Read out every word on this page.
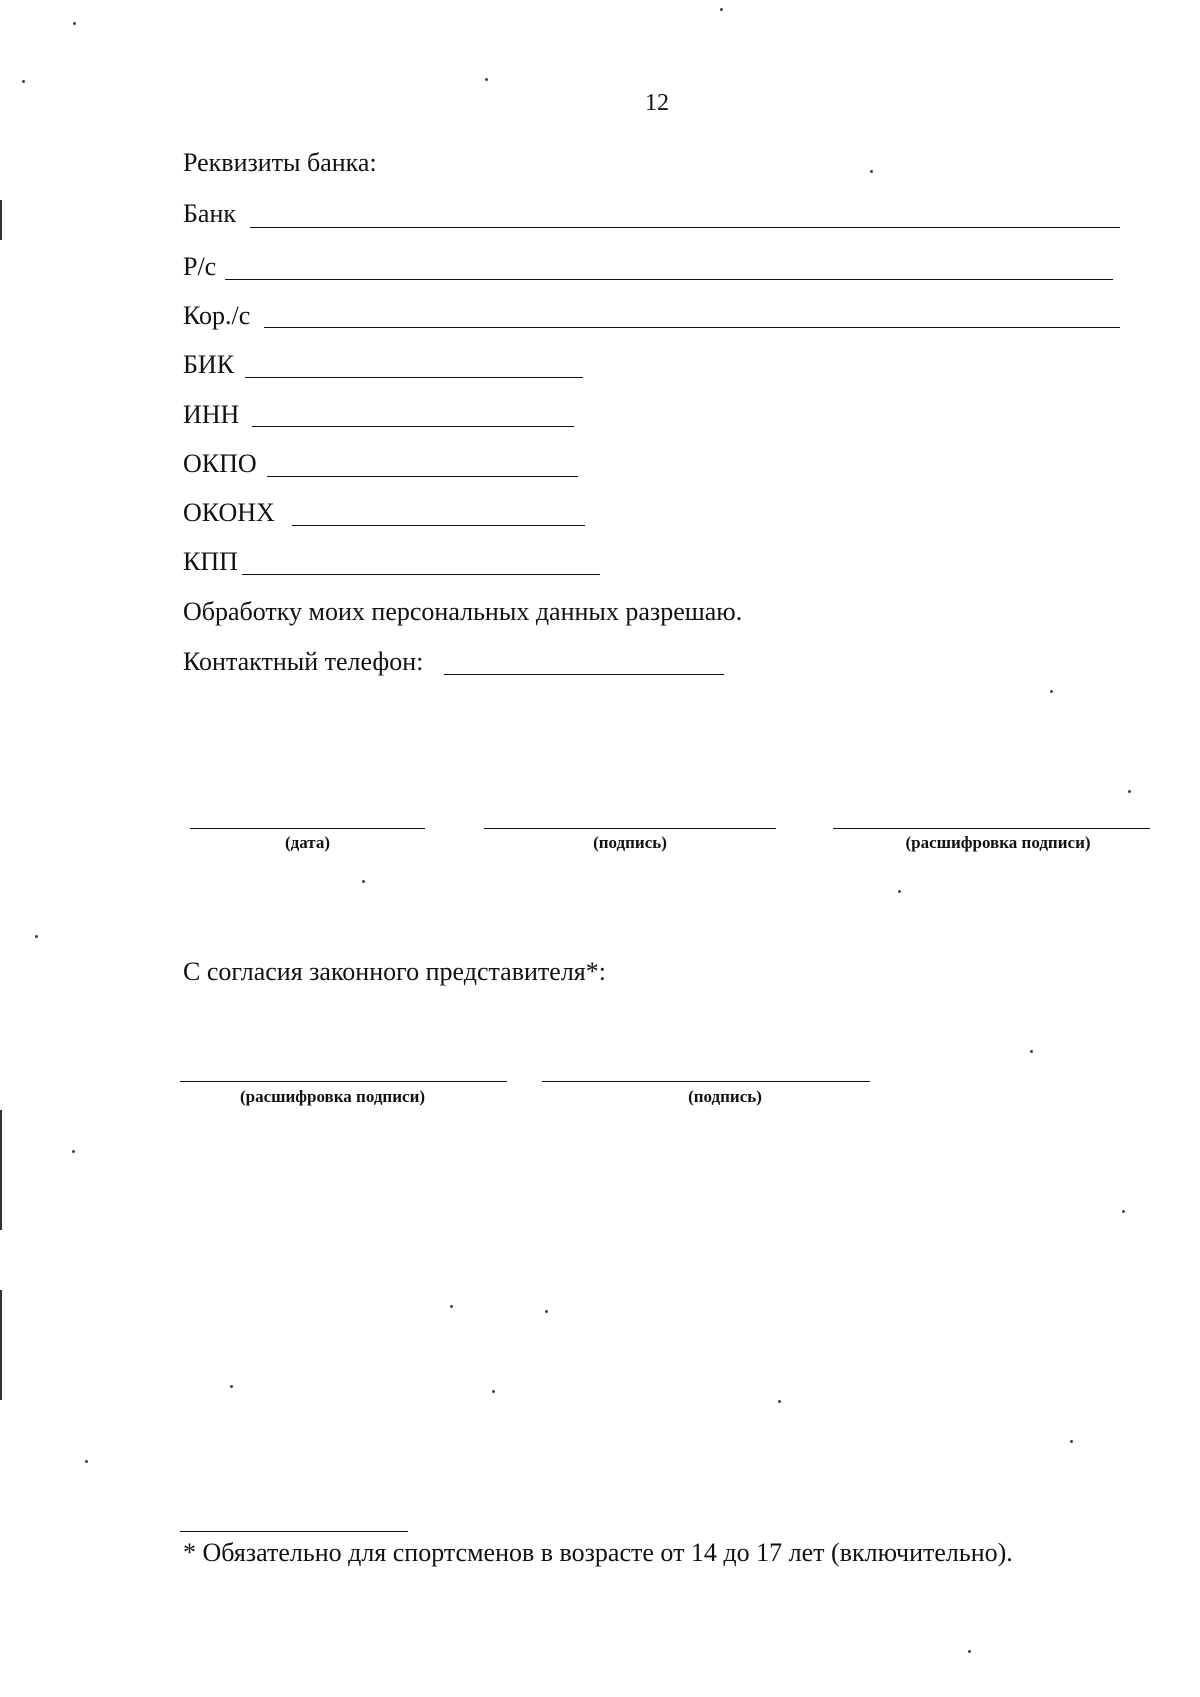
12
Реквизиты банка:
Банк
Р/с
Кор./с
БИК
ИНН
ОКПО
ОКОНХ
КПП
Обработку моих персональных данных разрешаю.
Контактный телефон:
(дата)	(подпись)	(расшифровка подписи)
С согласия законного представителя*:
(расшифровка подписи)	(подпись)
* Обязательно для спортсменов в возрасте от 14 до 17 лет (включительно).
